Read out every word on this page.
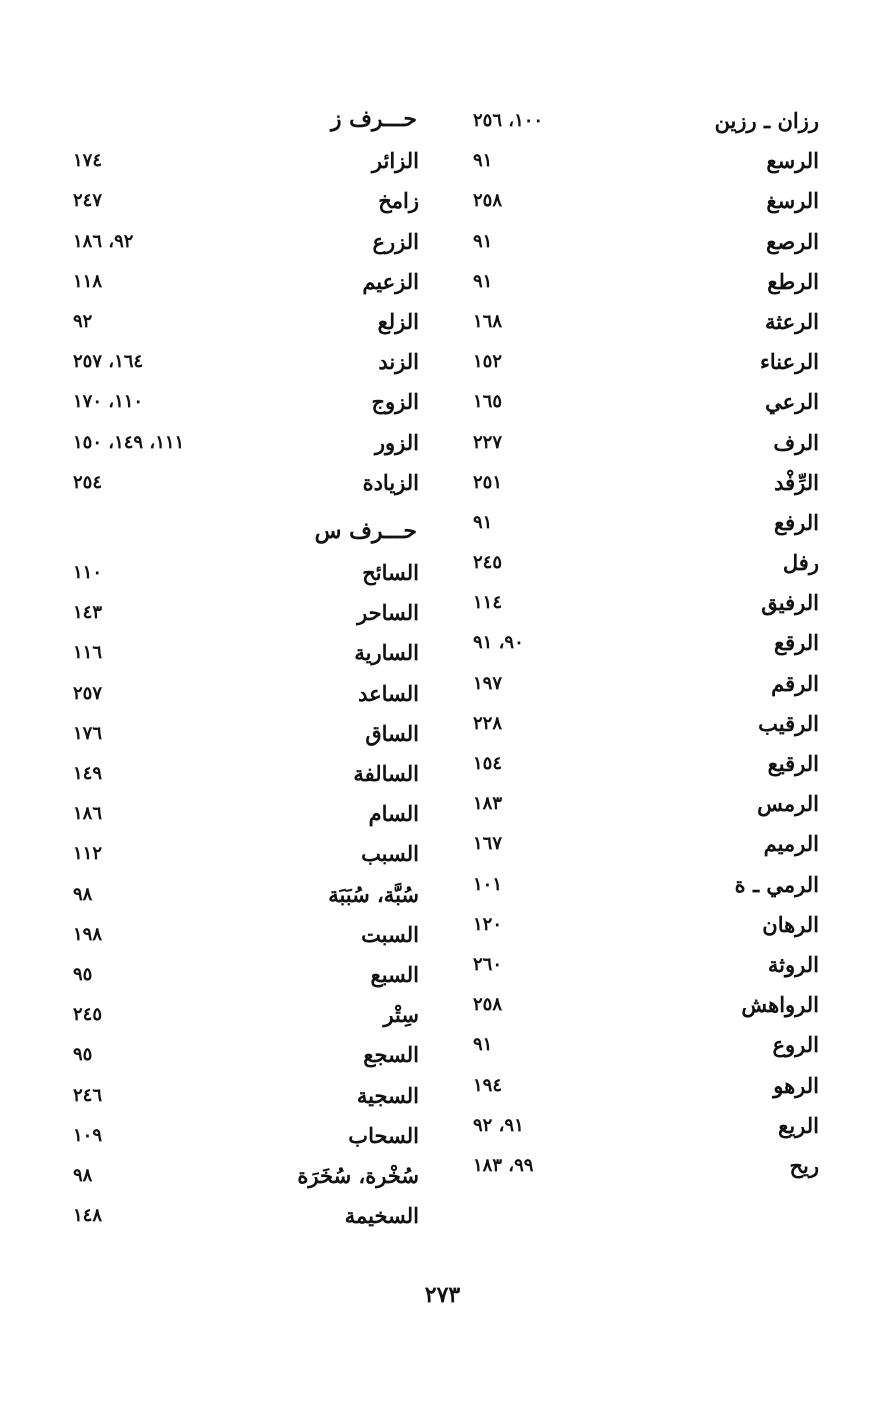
رزان ـ رزين
١٠٠، ٢٥٦
الرسع
٩١
الرسغ
٢٥٨
الرصع
٩١
الرطع
٩١
الرعثة
١٦٨
الرعناء
١٥٢
الرعي
١٦٥
الرف
٢٢٧
الرِّفْد
٢٥١
الرفع
٩١
رفل
٢٤٥
الرفيق
١١٤
الرقع
٩٠، ٩١
الرقم
١٩٧
الرقيب
٢٢٨
الرقيع
١٥٤
الرمس
١٨٣
الرميم
١٦٧
الرمي ـ ة
١٠١
الرهان
١٢٠
الروثة
٢٦٠
الرواهش
٢٥٨
الروع
٩١
الرهو
١٩٤
الريع
٩١، ٩٢
ريح
٩٩، ١٨٣
حـــرف ز
الزائر
١٧٤
زامخ
٢٤٧
الزرع
٩٢، ١٨٦
الزعيم
١١٨
الزلع
٩٢
الزند
١٦٤، ٢٥٧
الزوج
١١٠، ١٧٠
الزور
١١١، ١٤٩، ١٥٠
الزيادة
٢٥٤
حـــرف س
السائح
١١٠
الساحر
١٤٣
السارية
١١٦
الساعد
٢٥٧
الساق
١٧٦
السالفة
١٤٩
السام
١٨٦
السبب
١١٢
سُبَّة، سُبَبَة
٩٨
السبت
١٩٨
السبع
٩٥
سِتْر
٢٤٥
السجع
٩٥
السجية
٢٤٦
السحاب
١٠٩
سُخْرة، سُخَرَة
٩٨
السخيمة
١٤٨
٢٧٣
